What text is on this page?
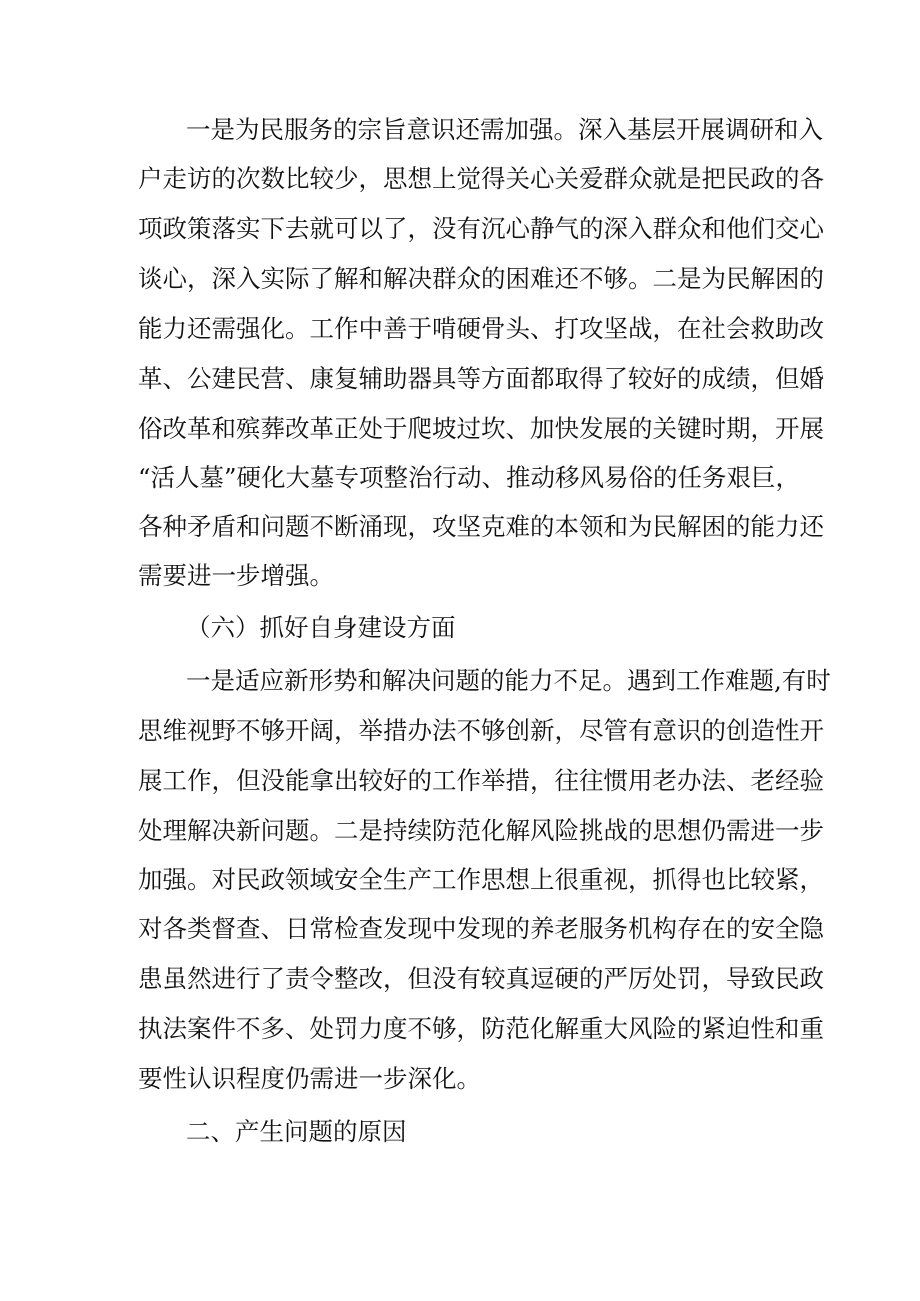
一是为民服务的宗旨意识还需加强。深入基层开展调研和入
户走访的次数比较少，思想上觉得关心关爱群众就是把民政的各
项政策落实下去就可以了，没有沉心静气的深入群众和他们交心
谈心，深入实际了解和解决群众的困难还不够。二是为民解困的
能力还需强化。工作中善于啃硬骨头、打攻坚战，在社会救助改
革、公建民营、康复辅助器具等方面都取得了较好的成绩，但婚
俗改革和殡葬改革正处于爬坡过坎、加快发展的关键时期，开展
“活人墓”硬化大墓专项整治行动、推动移风易俗的任务艰巨，
各种矛盾和问题不断涌现，攻坚克难的本领和为民解困的能力还
需要进一步增强。
（六）抓好自身建设方面
一是适应新形势和解决问题的能力不足。遇到工作难题,有时
思维视野不够开阔，举措办法不够创新，尽管有意识的创造性开
展工作，但没能拿出较好的工作举措，往往惯用老办法、老经验
处理解决新问题。二是持续防范化解风险挑战的思想仍需进一步
加强。对民政领域安全生产工作思想上很重视，抓得也比较紧，
对各类督查、日常检查发现中发现的养老服务机构存在的安全隐
患虽然进行了责令整改，但没有较真逗硬的严厉处罚，导致民政
执法案件不多、处罚力度不够，防范化解重大风险的紧迫性和重
要性认识程度仍需进一步深化。
二、产生问题的原因
